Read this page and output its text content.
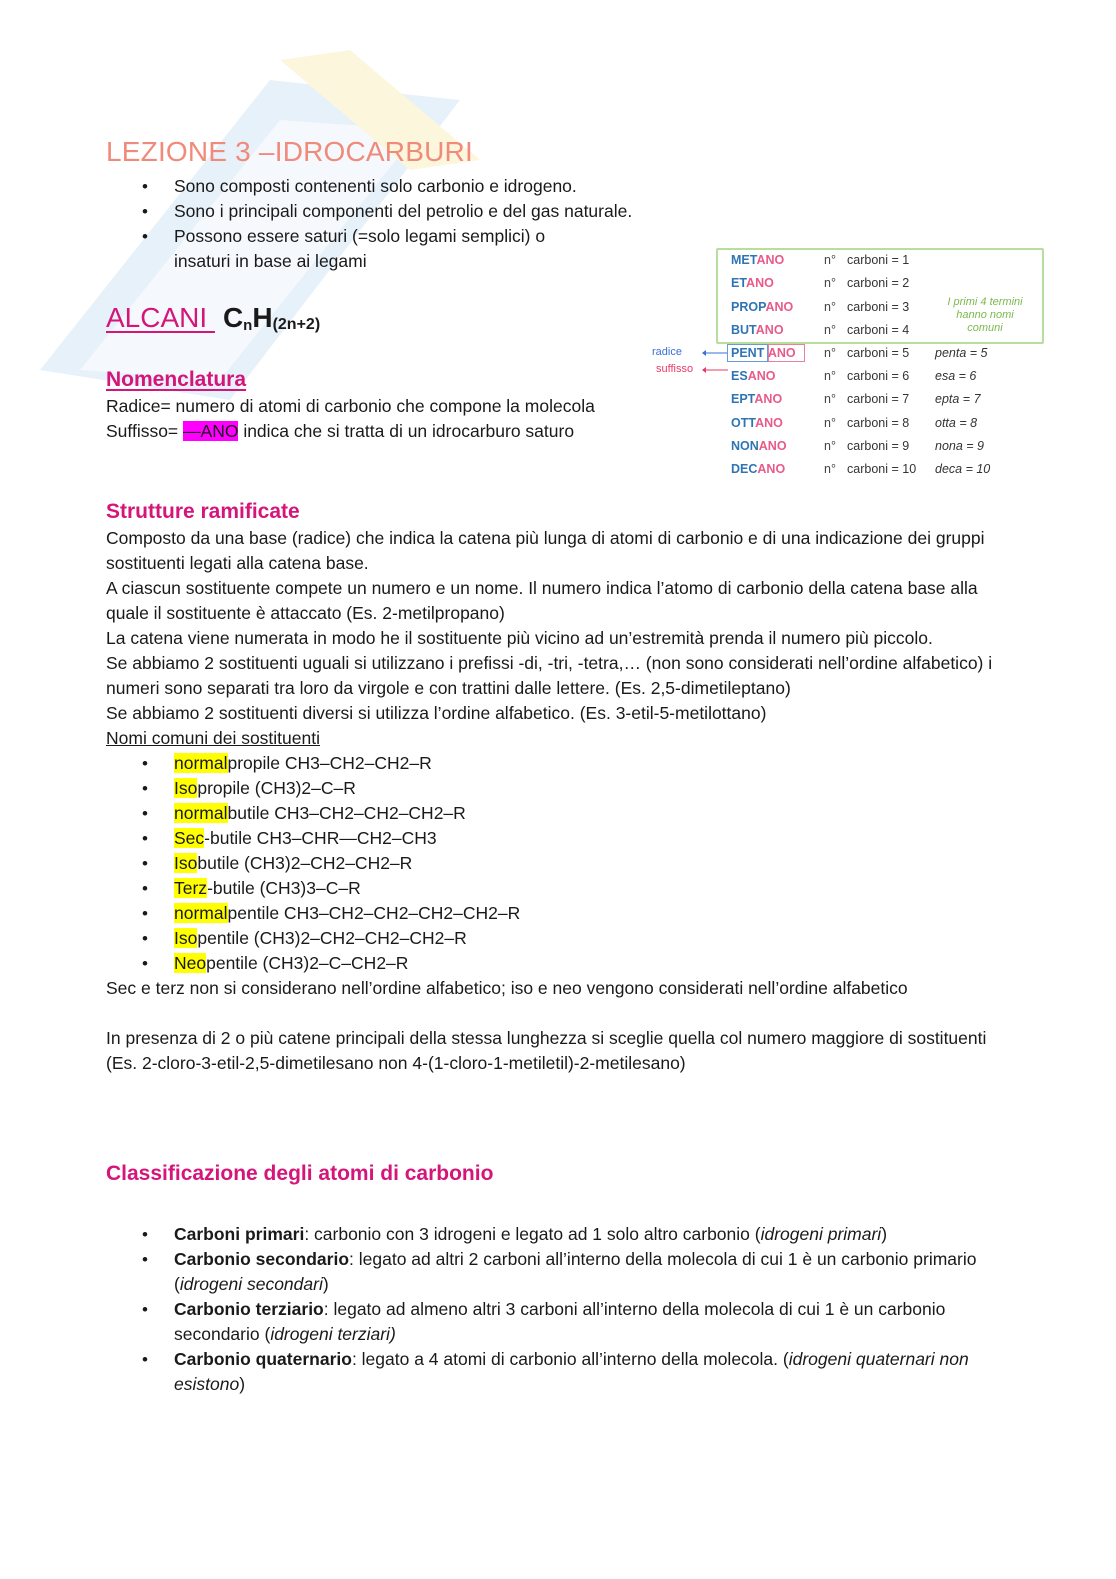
LEZIONE 3 –IDROCARBURI
• Sono composti contenenti solo carbonio e idrogeno.
• Sono i principali componenti del petrolio e del gas naturale.
• Possono essere saturi (=solo legami semplici) o insaturi in base ai legami
ALCANI CnH$_{(2n+2)}$
Nomenclatura
Radice= numero di atomi di carbonio che compone la molecola
Suffisso= —ANO indica che si tratta di un idrocarburo saturo
I primi 4 termini hanno nomi comuni
radice
suffisso
METANO	n° carboni = 1
ETANO	n° carboni = 2
PROPANO n° carboni = 3
BUTANO	n° carboni = 4
PENT ANO n° carboni = 5 penta = 5
ESANO	n° carboni = 6 esa = 6
EPTANO	n° carboni = 7 epta = 7
OTTANO	n° carboni = 8 otta = 8
NONANO	n° carboni = 9 nona = 9
DECANO	n° carboni = 10 deca = 10
Strutture ramificate
Composto da una base (radice) che indica la catena più lunga di atomi di carbonio e di una indicazione dei gruppi sostituenti legati alla catena base.
A ciascun sostituente compete un numero e un nome. Il numero indica l’atomo di carbonio della catena base alla quale il sostituente è attaccato (Es. 2-metilpropano)
La catena viene numerata in modo he il sostituente più vicino ad un’estremità prenda il numero più piccolo.
Se abbiamo 2 sostituenti uguali si utilizzano i prefissi -di, -tri, -tetra,… (non sono considerati nell’ordine alfabetico) i numeri sono separati tra loro da virgole e con trattini dalle lettere. (Es. 2,5-dimetileptano)
Se abbiamo 2 sostituenti diversi si utilizza l’ordine alfabetico. (Es. 3-etil-5-metilottano)
Nomi comuni dei sostituenti
• normalpropile CH3–CH2–CH2–R
• Isopropile (CH3)2–C–R
• normalbutile CH3–CH2–CH2–CH2–R
• Sec-butile CH3–CHR—CH2–CH3
• Isobutile (CH3)2–CH2–CH2–R
• Terz-butile (CH3)3–C–R
• normalpentile CH3–CH2–CH2–CH2–CH2–R
• Isopentile (CH3)2–CH2–CH2–CH2–R
• Neopentile (CH3)2–C–CH2–R
Sec e terz non si considerano nell’ordine alfabetico; iso e neo vengono considerati nell’ordine alfabetico
In presenza di 2 o più catene principali della stessa lunghezza si sceglie quella col numero maggiore di sostituenti
(Es. 2-cloro-3-etil-2,5-dimetilesano non 4-(1-cloro-1-metiletil)-2-metilesano)
Classificazione degli atomi di carbonio
• Carboni primari: carbonio con 3 idrogeni e legato ad 1 solo altro carbonio (idrogeni primari)
• Carbonio secondario: legato ad altri 2 carboni all’interno della molecola di cui 1 è un carbonio primario (idrogeni secondari)
• Carbonio terziario: legato ad almeno altri 3 carboni all’interno della molecola di cui 1 è un carbonio secondario (idrogeni terziari)
• Carbonio quaternario: legato a 4 atomi di carbonio all’interno della molecola. (idrogeni quaternari non esistono)
